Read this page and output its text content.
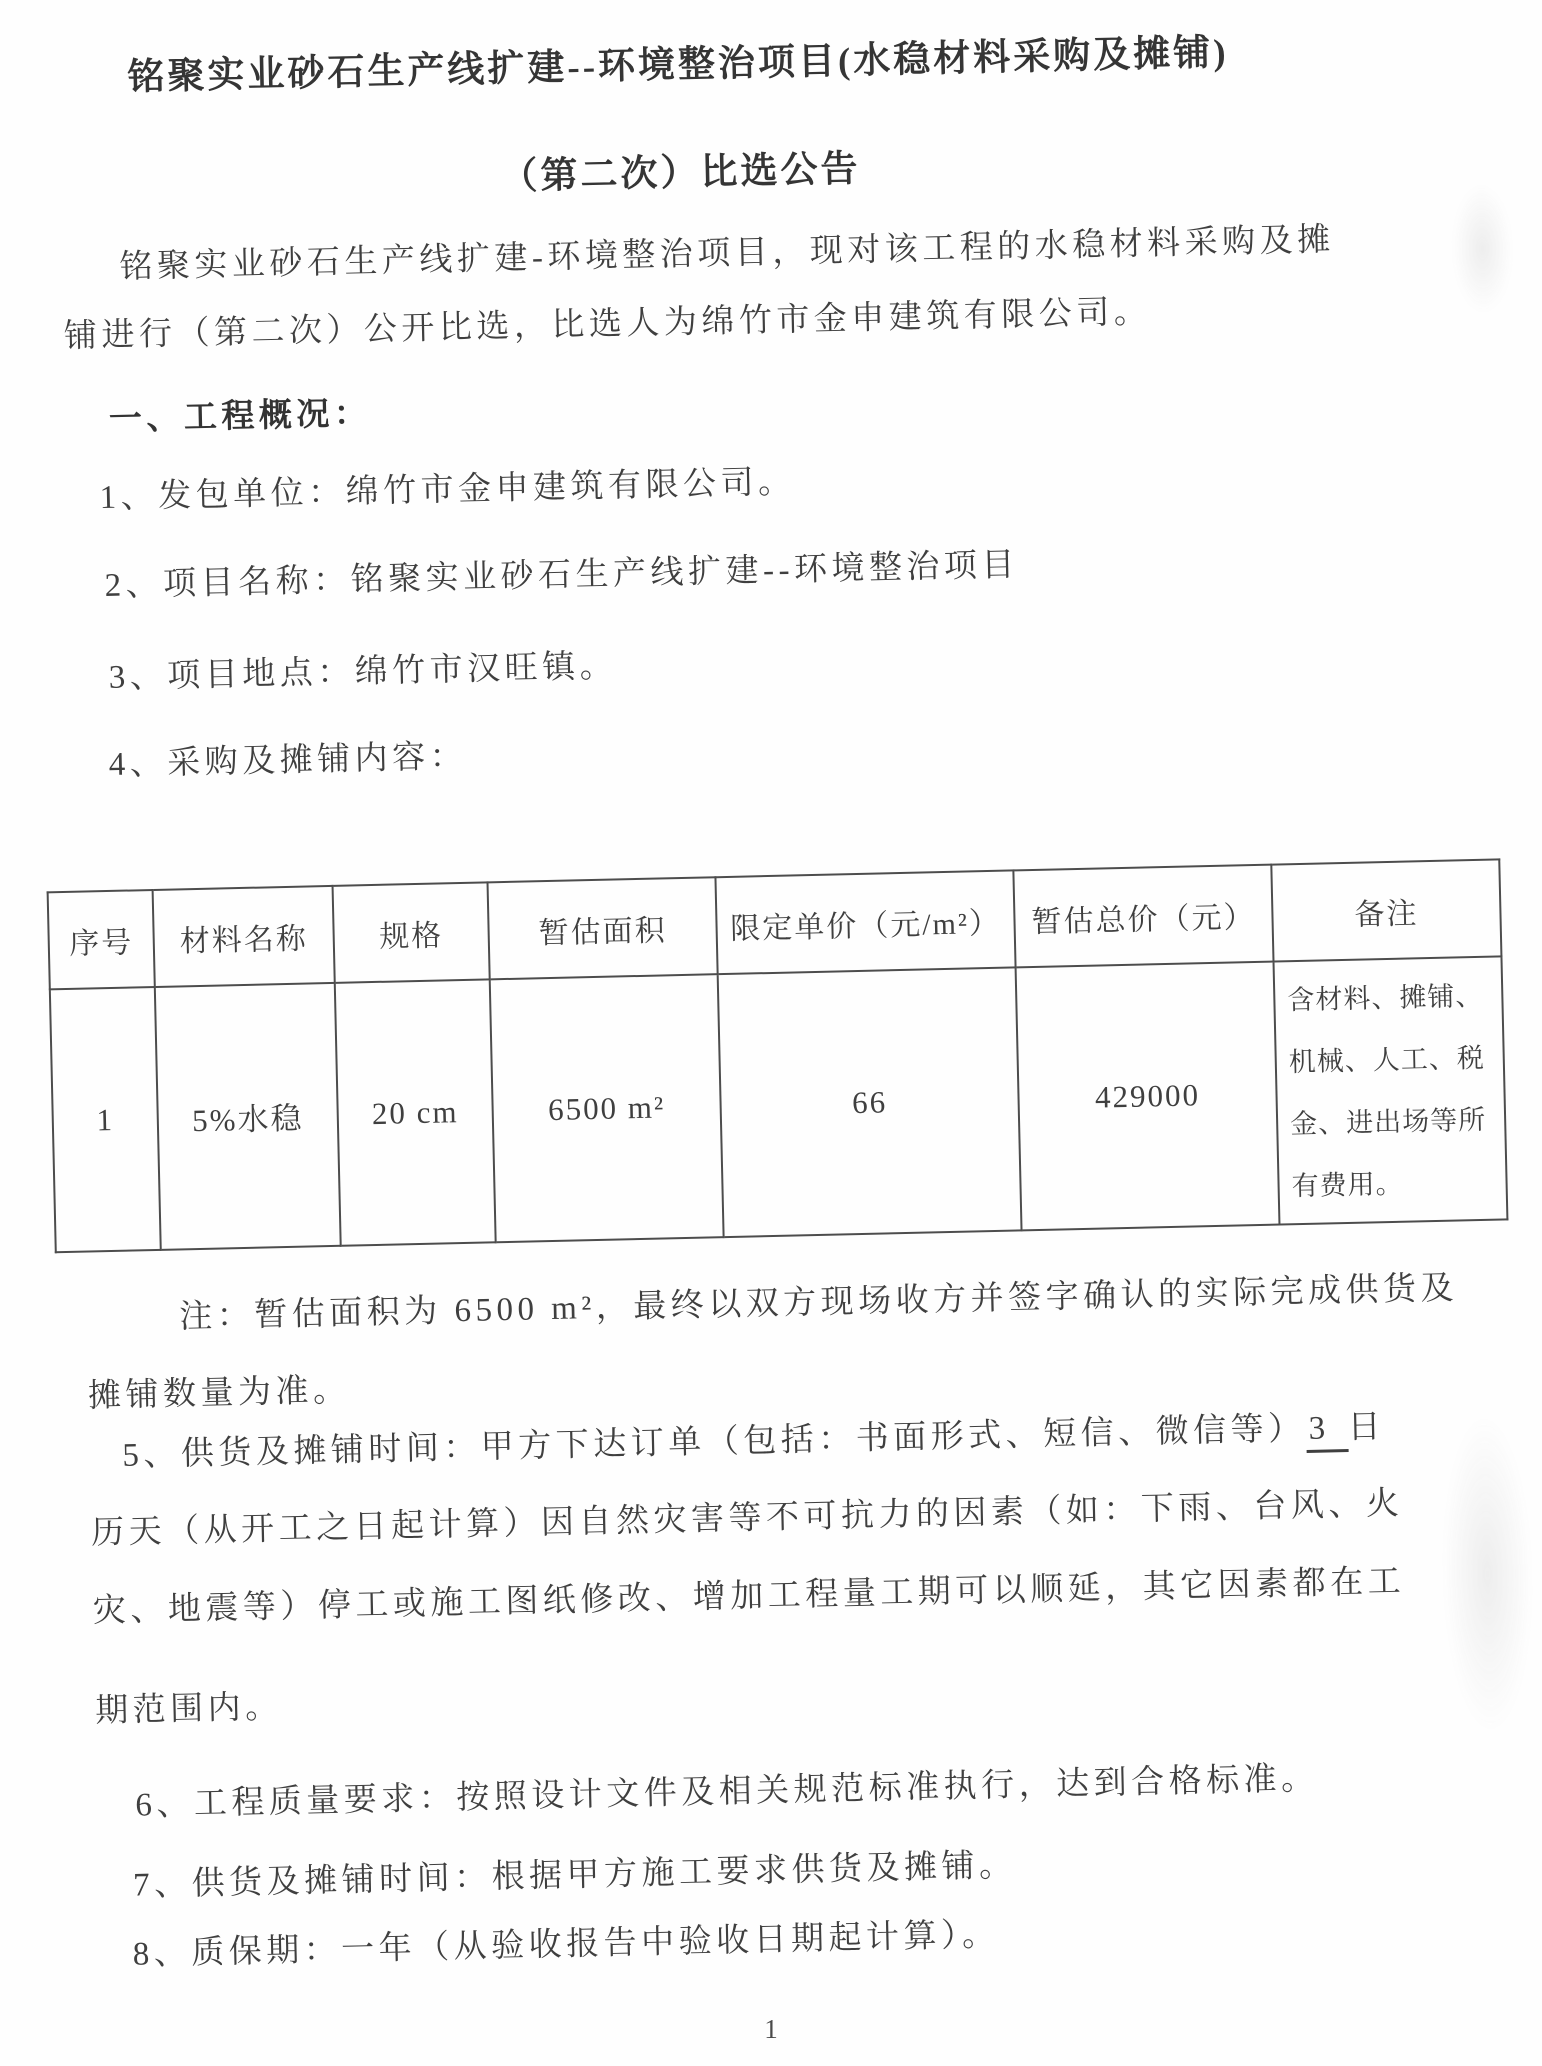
铭聚实业砂石生产线扩建--环境整治项目(水稳材料采购及摊铺)
（第二次）比选公告
铭聚实业砂石生产线扩建-环境整治项目，现对该工程的水稳材料采购及摊
铺进行（第二次）公开比选，比选人为绵竹市金申建筑有限公司。
一、工程概况：
1、发包单位：绵竹市金申建筑有限公司。
2、项目名称：铭聚实业砂石生产线扩建--环境整治项目
3、项目地点：绵竹市汉旺镇。
4、采购及摊铺内容：
序号	材料名称	规格	暂估面积	限定单价（元/m²）	暂估总价（元）	备注
1	5%水稳	20 cm	6500 m²	66	429000	含材料、摊铺、机械、人工、税金、进出场等所有费用。
注：暂估面积为 6500 m²，最终以双方现场收方并签字确认的实际完成供货及
摊铺数量为准。
5、供货及摊铺时间：甲方下达订单（包括：书面形式、短信、微信等）3 日
历天（从开工之日起计算）因自然灾害等不可抗力的因素（如：下雨、台风、火
灾、地震等）停工或施工图纸修改、增加工程量工期可以顺延，其它因素都在工
期范围内。
6、工程质量要求：按照设计文件及相关规范标准执行，达到合格标准。
7、供货及摊铺时间：根据甲方施工要求供货及摊铺。
8、质保期：一年（从验收报告中验收日期起计算）。
1
